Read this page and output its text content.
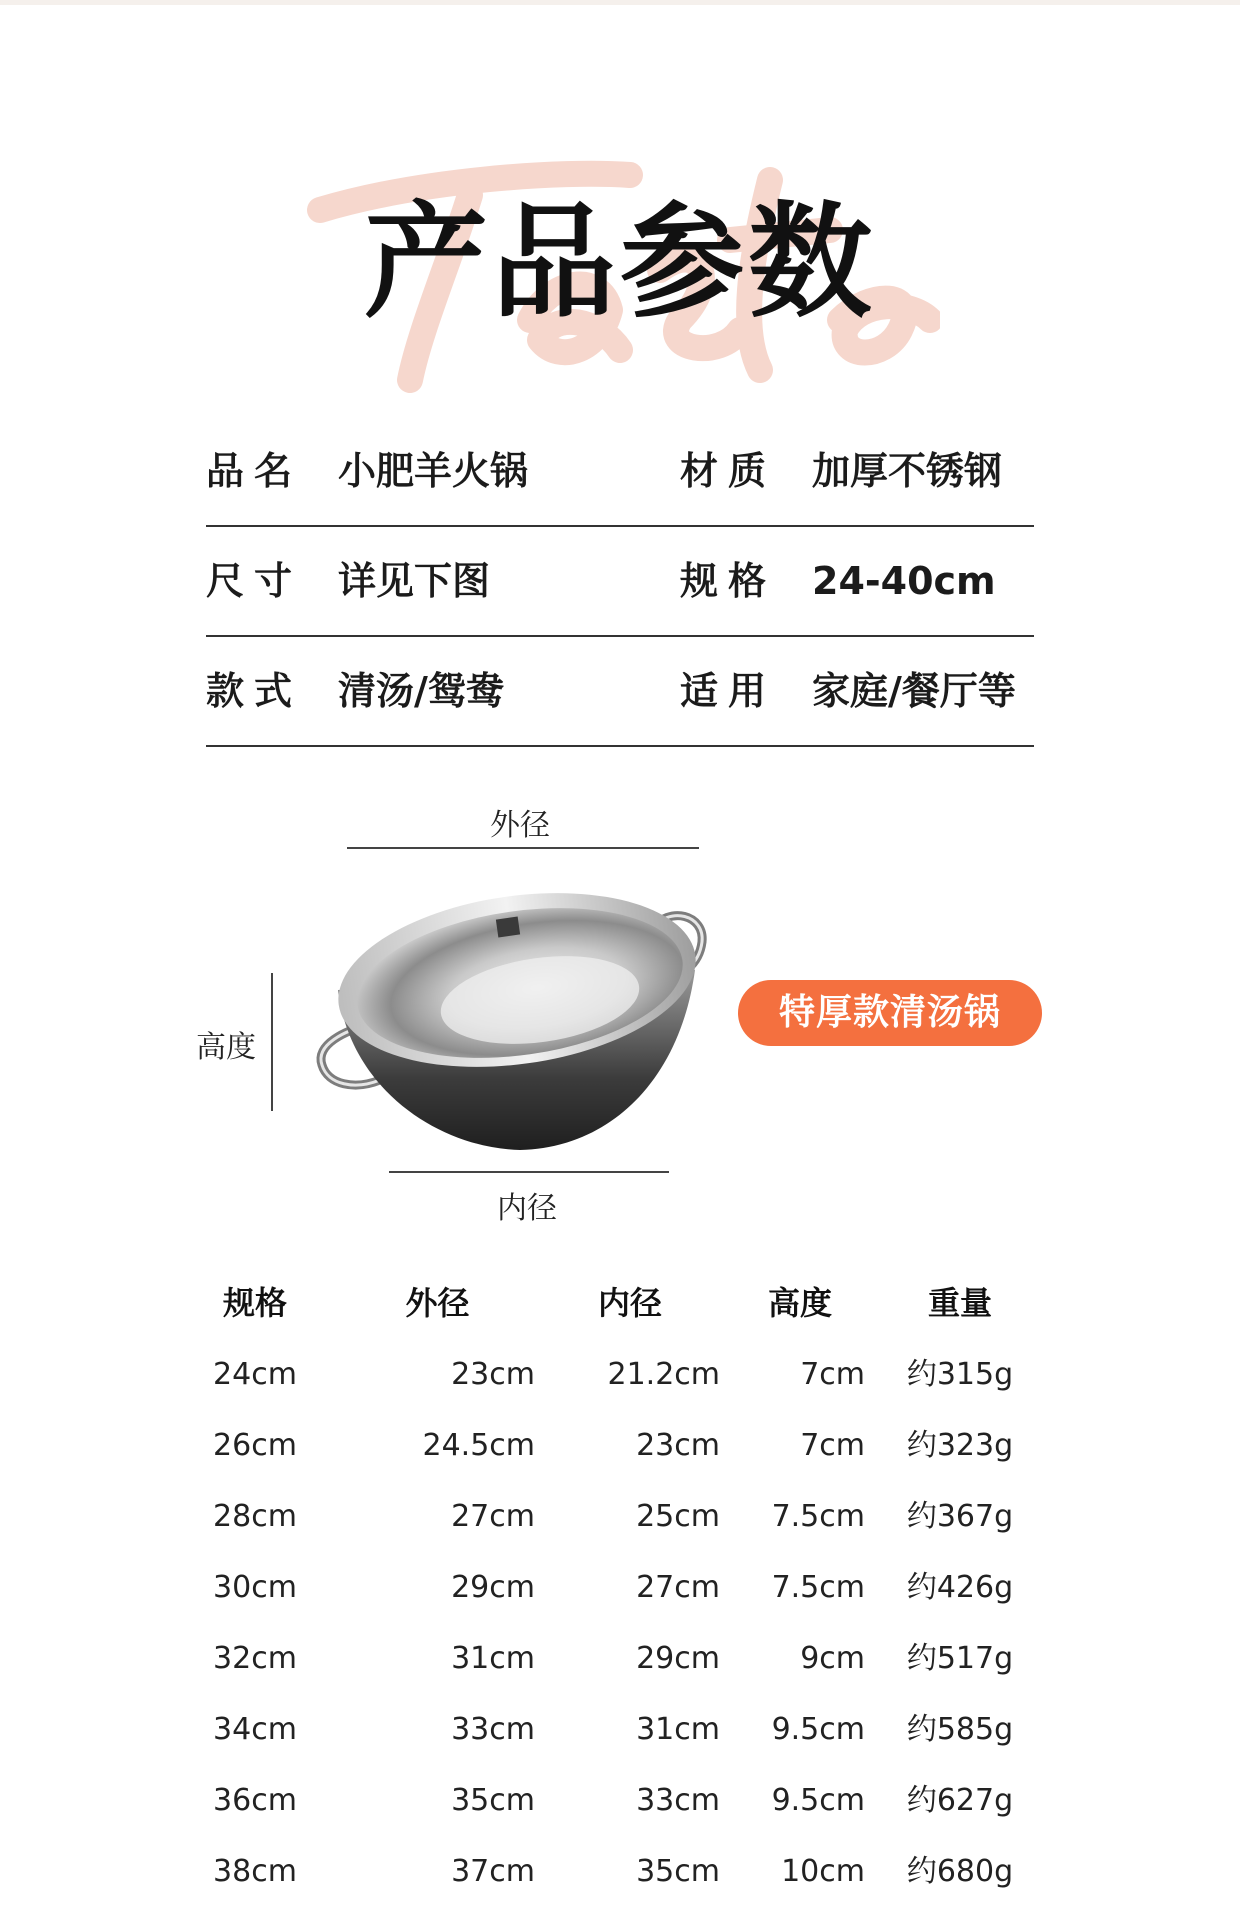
产品参数
品名 小肥羊火锅	材质 加厚不锈钢
尺寸 详见下图	规格 24-40cm
款式 清汤/鸳鸯	适用 家庭/餐厅等
外径
高度
特厚款清汤锅
内径
规格	外径	内径	高度	重量
24cm	23cm	21.2cm	7cm 约315g
26cm	24.5cm	23cm	7cm 约323g
28cm	27cm	25cm	7.5cm 约367g
30cm	29cm	27cm	7.5cm 约426g
32cm	31cm	29cm	9cm 约517g
34cm	33cm	31cm	9.5cm 约585g
36cm	35cm	33cm	9.5cm 约627g
38cm	37cm	35cm	10cm 约680g
